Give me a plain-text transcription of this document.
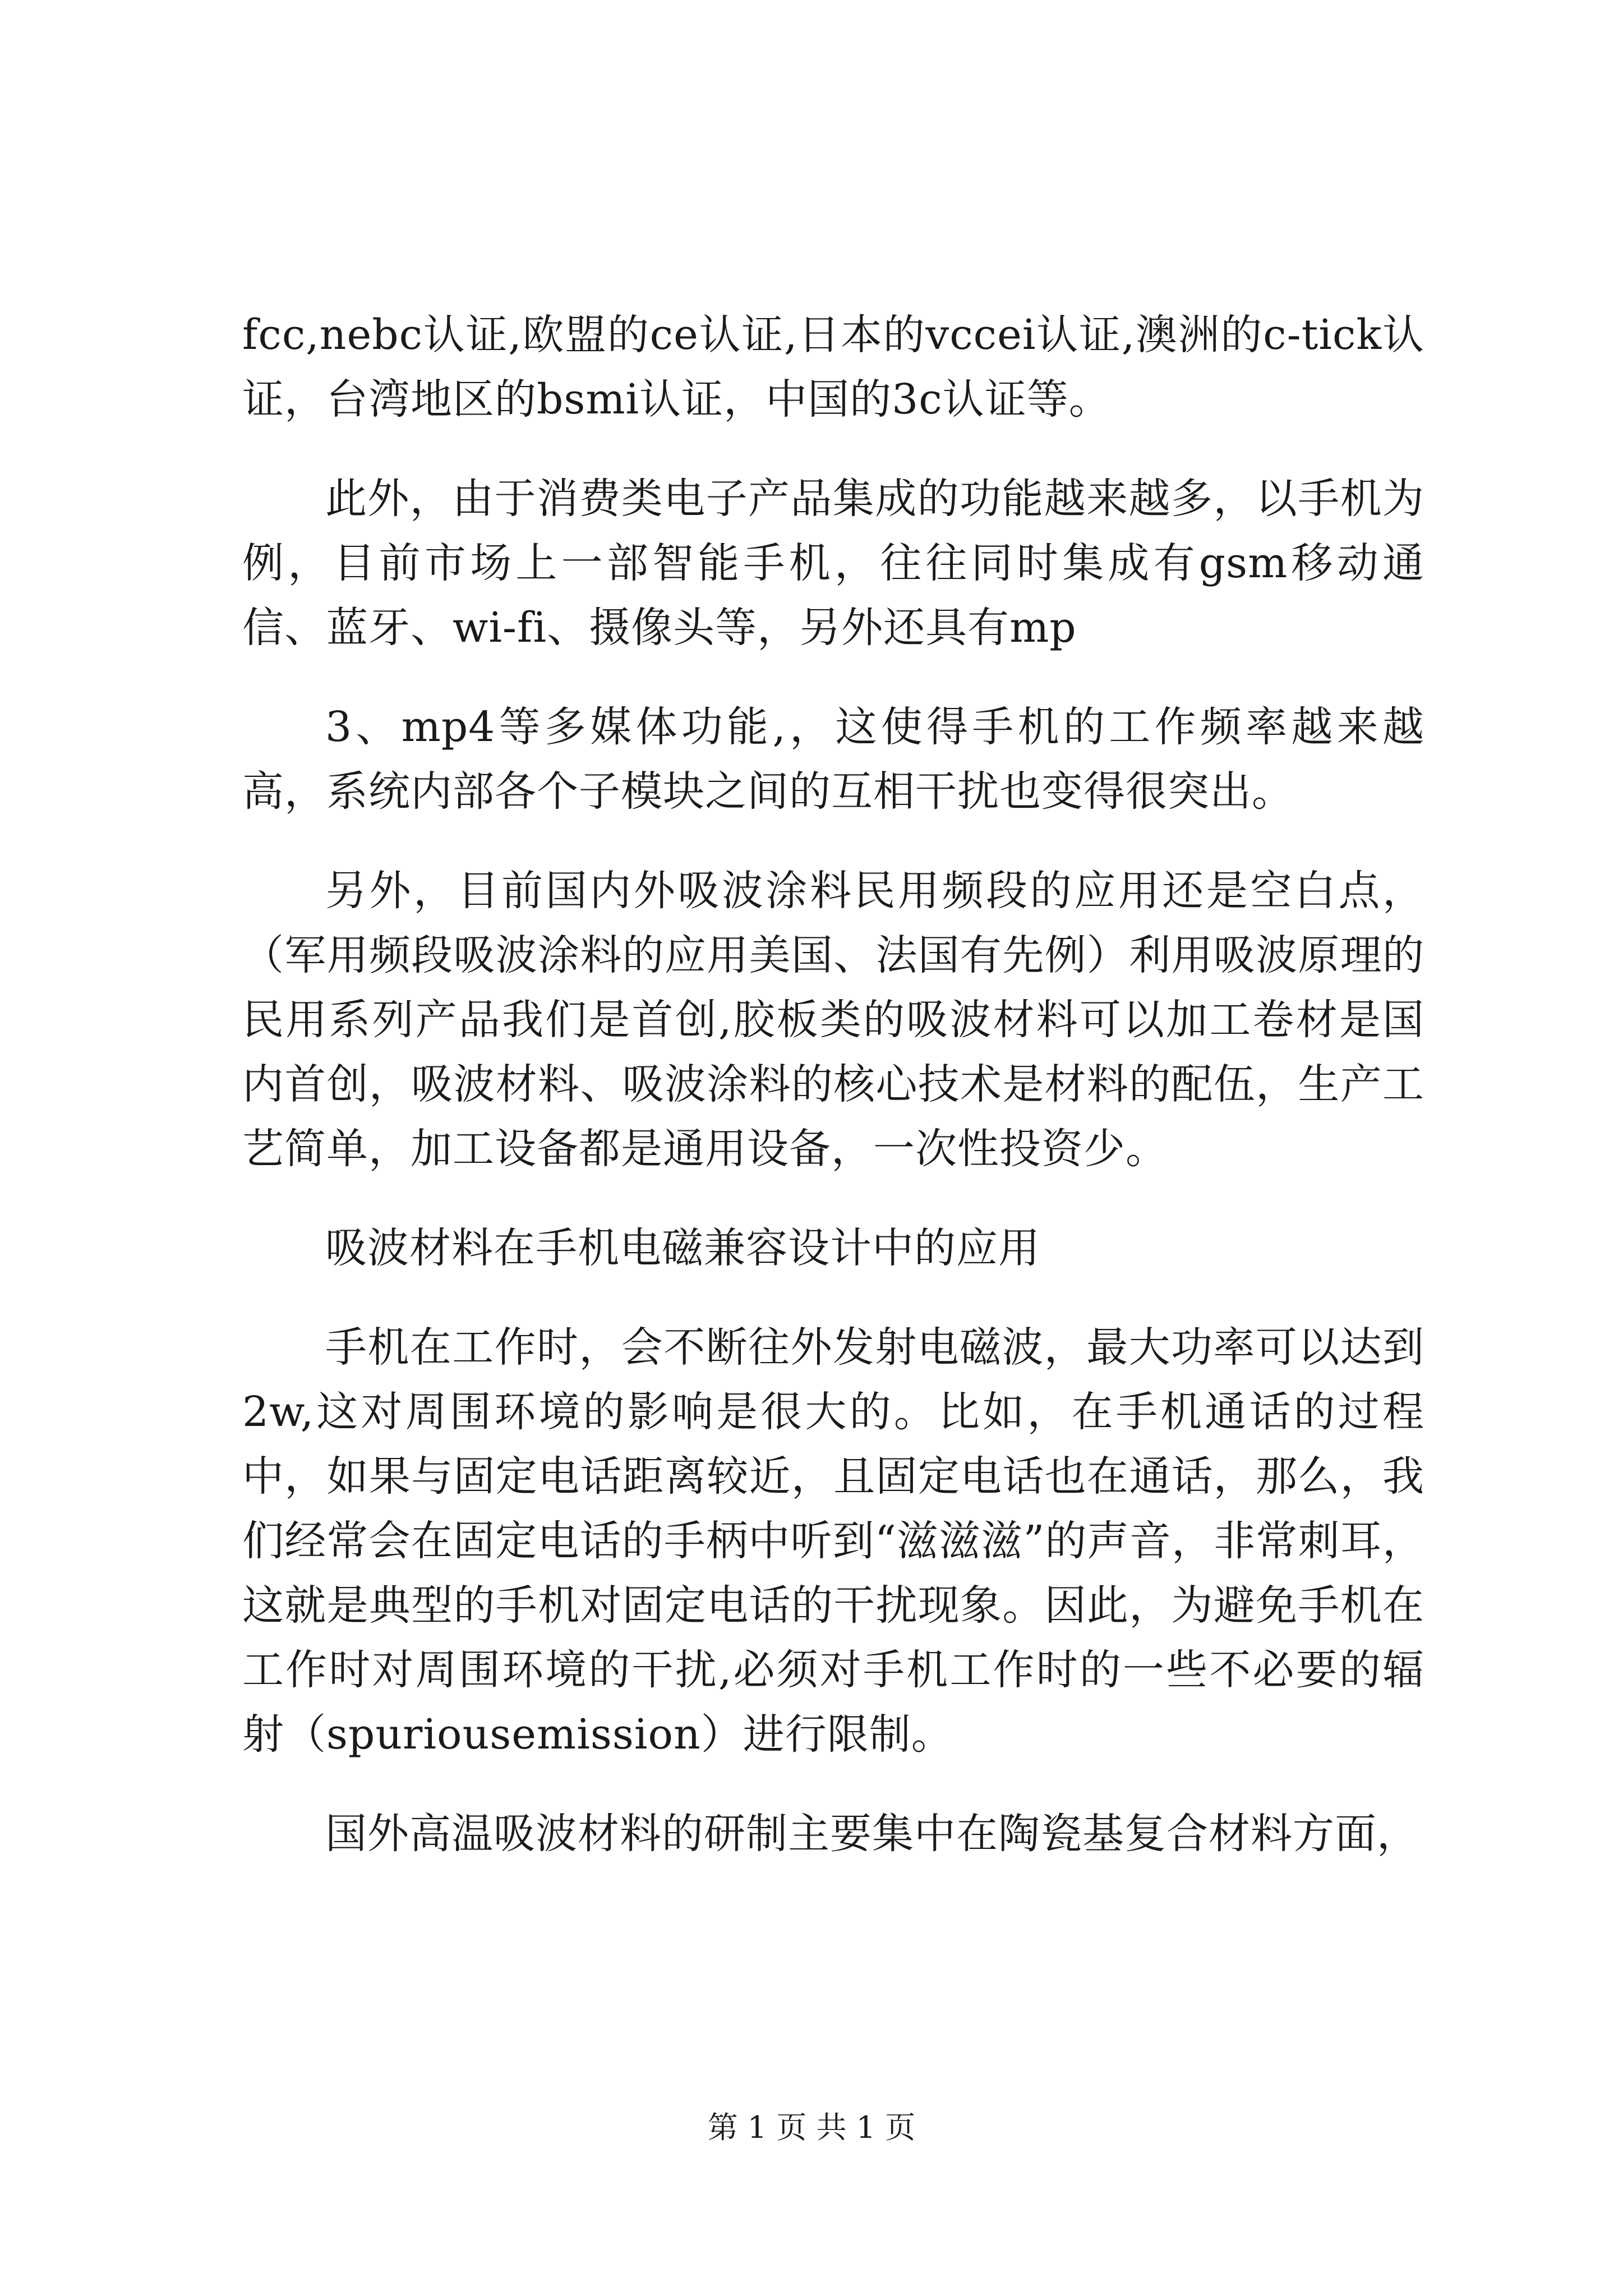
fcc,nebc认证,欧盟的ce认证,日本的vccei认证,澳洲的c-tick认证，台湾地区的bsmi认证，中国的3c认证等。

此外，由于消费类电子产品集成的功能越来越多，以手机为例，目前市场上一部智能手机，往往同时集成有gsm移动通信、蓝牙、wi-fi、摄像头等，另外还具有mp

3、mp4等多媒体功能,，这使得手机的工作频率越来越高，系统内部各个子模块之间的互相干扰也变得很突出。

另外，目前国内外吸波涂料民用频段的应用还是空白点，（军用频段吸波涂料的应用美国、法国有先例）利用吸波原理的民用系列产品我们是首创,胶板类的吸波材料可以加工卷材是国内首创，吸波材料、吸波涂料的核心技术是材料的配伍，生产工艺简单，加工设备都是通用设备，一次性投资少。

吸波材料在手机电磁兼容设计中的应用

手机在工作时，会不断往外发射电磁波，最大功率可以达到2w,这对周围环境的影响是很大的。比如，在手机通话的过程中，如果与固定电话距离较近，且固定电话也在通话，那么，我们经常会在固定电话的手柄中听到“滋滋滋”的声音，非常刺耳，这就是典型的手机对固定电话的干扰现象。因此，为避免手机在工作时对周围环境的干扰,必须对手机工作时的一些不必要的辐射（spuriousemission）进行限制。

国外高温吸波材料的研制主要集中在陶瓷基复合材料方面，

第 1 页 共 1 页
